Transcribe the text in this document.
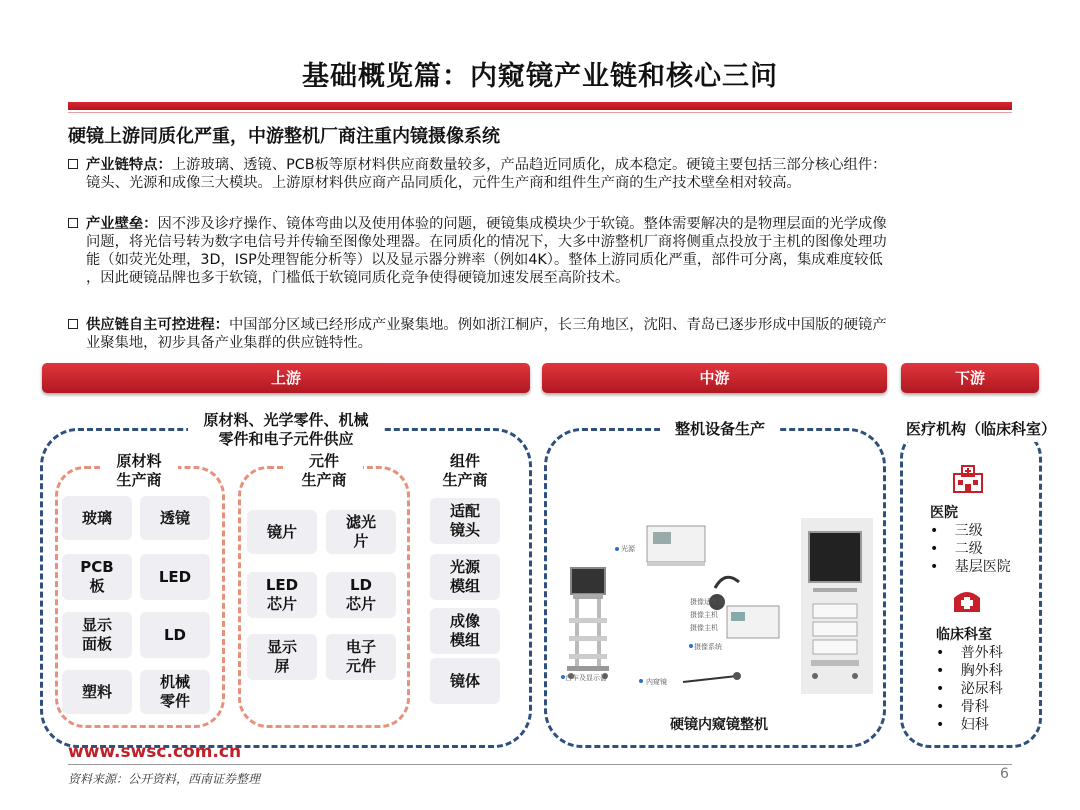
基础概览篇：内窥镜产业链和核心三问
硬镜上游同质化严重，中游整机厂商注重内镜摄像系统
产业链特点：上游玻璃、透镜、PCB板等原材料供应商数量较多，产品趋近同质化，成本稳定。硬镜主要包括三部分核心组件：
镜头、光源和成像三大模块。上游原材料供应商产品同质化，元件生产商和组件生产商的生产技术壁垒相对较高。
产业壁垒：因不涉及诊疗操作、镜体弯曲以及使用体验的问题，硬镜集成模块少于软镜。整体需要解决的是物理层面的光学成像
问题，将光信号转为数字电信号并传输至图像处理器。在同质化的情况下，大多中游整机厂商将侧重点投放于主机的图像处理功
能（如荧光处理，3D，ISP处理智能分析等）以及显示器分辨率（例如4K）。整体上游同质化严重，部件可分离，集成难度较低
，因此硬镜品牌也多于软镜，门槛低于软镜同质化竞争使得硬镜加速发展至高阶技术。
供应链自主可控进程：中国部分区域已经形成产业聚集地。例如浙江桐庐，长三角地区，沈阳、青岛已逐步形成中国版的硬镜产
业聚集地，初步具备产业集群的供应链特性。
上游	中游	下游
原材料、光学零件、机械
零件和电子元件供应
原材料
生产商
元件
生产商
组件
生产商
玻璃	透镜
PCB
板
LED
显示
面板
LD
塑料
机械
零件
镜片
滤光
片
LED
芯片
LD
芯片
显示
屏
电子
元件
适配
镜头
光源
模组
成像
模组
镜体
整机设备生产
光源
台车及显示器
摄像系统
内窥镜
摄像适配器
摄像主机
摄像主机
硬镜内窥镜整机
医疗机构（临床科室）
医院
• 三级
• 二级
• 基层医院
临床科室
• 普外科
• 胸外科
• 泌尿科
• 骨科
• 妇科
www.swsc.com.cn
资料来源：公开资料，西南证券整理	6
